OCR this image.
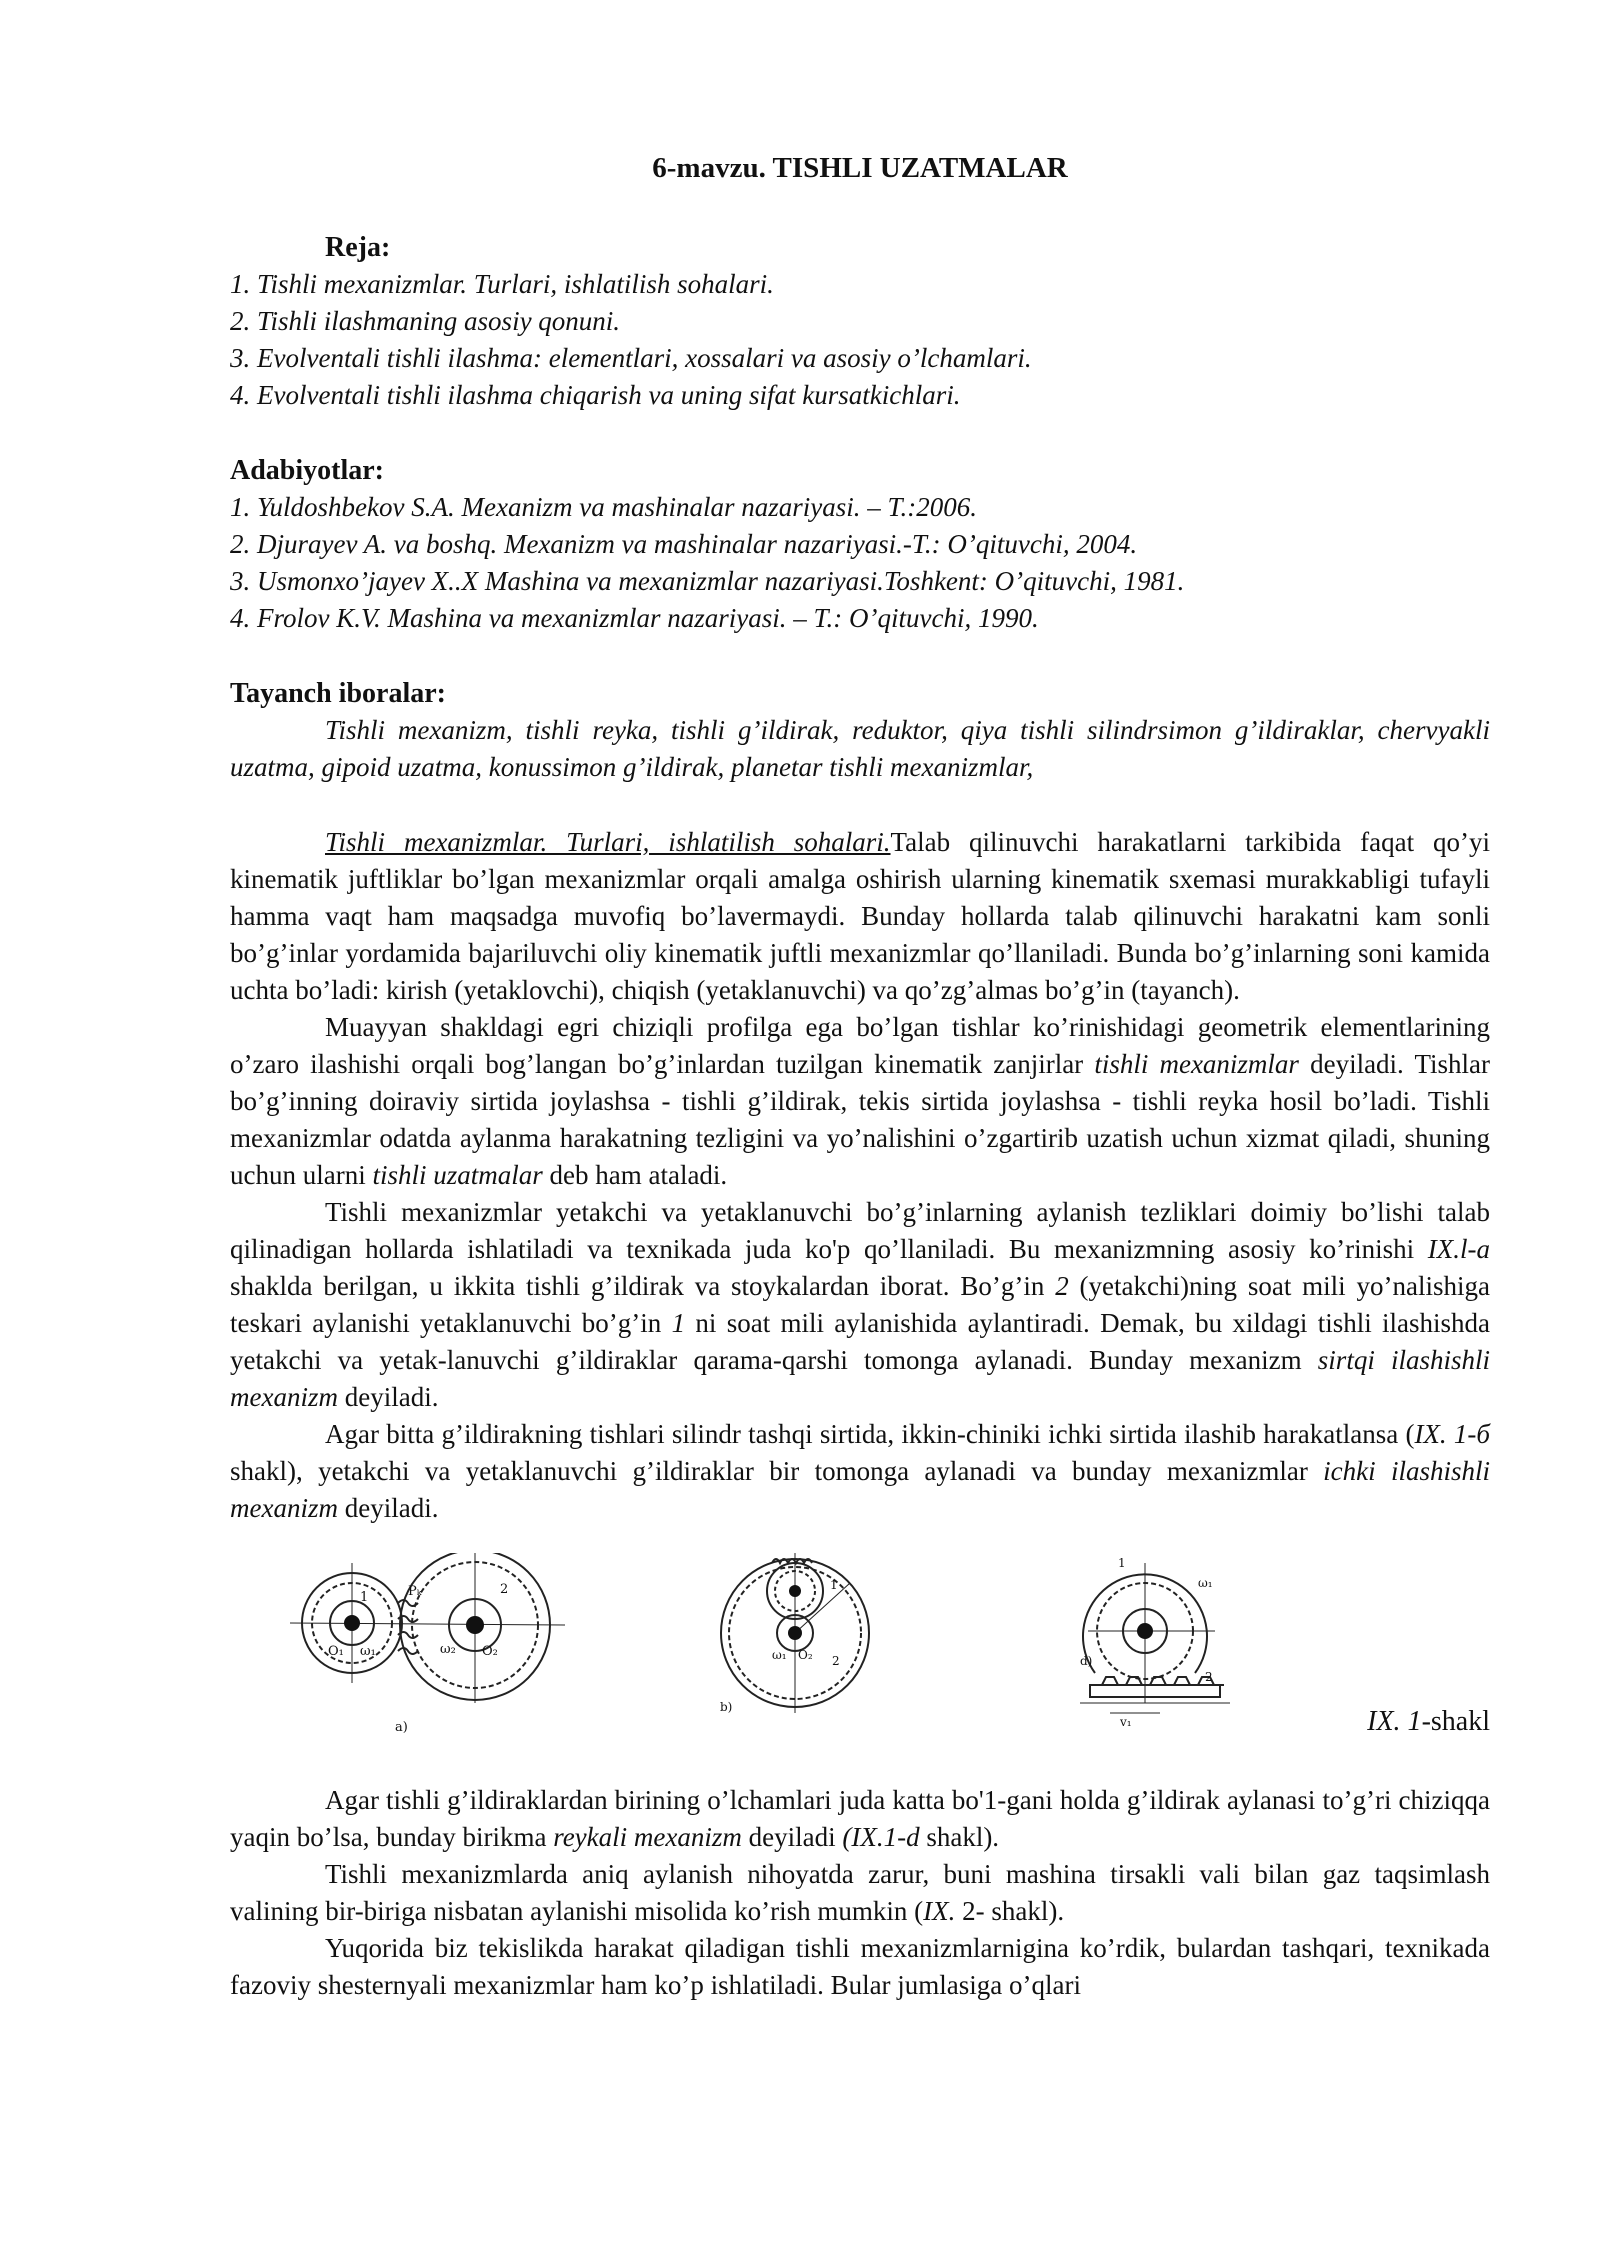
6-mavzu. TISHLI UZATMALAR
Reja:
1. Tishli mexanizmlar. Turlari, ishlatilish sohalari.
2. Tishli ilashmaning asosiy qonuni.
3. Evolventali tishli ilashma: elementlari, xossalari va asosiy o’lchamlari.
4. Evolventali tishli ilashma chiqarish va uning sifat kursatkichlari.
Adabiyotlar:
1. Yuldoshbekov S.A. Mexanizm va mashinalar nazariyasi. – T.:2006.
2. Djurayev A. va boshq. Mexanizm va mashinalar nazariyasi.-T.: O’qituvchi, 2004.
3. Usmonxo’jayev X..X Mashina va mexanizmlar nazariyasi.Toshkent: O’qituvchi, 1981.
4. Frolov K.V. Mashina va mexanizmlar nazariyasi. – T.: O’qituvchi, 1990.
Tayanch iboralar:

Tishli mexanizm, tishli reyka, tishli g’ildirak, reduktor, qiya tishli silindrsimon g’ildiraklar, chervyakli uzatma, gipoid uzatma, konussimon g’ildirak, planetar tishli mexanizmlar,

Tishli mexanizmlar. Turlari, ishlatilish sohalari.Talab qilinuvchi harakatlarni tarkibida faqat qo’yi kinematik juftliklar bo’lgan mexanizmlar orqali amalga oshirish ularning kinematik sxemasi murakkabligi tufayli hamma vaqt ham maqsadga muvofiq bo’lavermaydi. Bunday hollarda talab qilinuvchi harakatni kam sonli bo’g’inlar yordamida bajariluvchi oliy kinematik juftli mexanizmlar qo’llaniladi. Bunda bo’g’inlarning soni kamida uchta bo’ladi: kirish (yetaklovchi), chiqish (yetaklanuvchi) va qo’zg’almas bo’g’in (tayanch).

Muayyan shakldagi egri chiziqli profilga ega bo’lgan tishlar ko’rinishidagi geometrik elementlarining o’zaro ilashishi orqali bog’langan bo’g’inlardan tuzilgan kinematik zanjirlar tishli mexanizmlar deyiladi. Tishlar bo’g’inning doiraviy sirtida joylashsa - tishli g’ildirak, tekis sirtida joylashsa - tishli reyka hosil bo’ladi. Tishli mexanizmlar odatda aylanma harakatning tezligini va yo’nalishini o’zgartirib uzatish uchun xizmat qiladi, shuning uchun ularni tishli uzatmalar deb ham ataladi.

Tishli mexanizmlar yetakchi va yetaklanuvchi bo’g’inlarning aylanish tezliklari doimiy bo’lishi talab qilinadigan hollarda ishlatiladi va texnikada juda ko'p qo’llaniladi. Bu mexanizmning asosiy ko’rinishi IX.l-a shaklda berilgan, u ikkita tishli g’ildirak va stoykalardan iborat. Bo’g’in 2 (yetakchi)ning soat mili yo’nalishiga teskari aylanishi yetaklanuvchi bo’g’in 1 ni soat mili aylanishida aylantiradi. Demak, bu xildagi tishli ilashishda yetakchi va yetak-lanuvchi g’ildiraklar qarama-qarshi tomonga aylanadi. Bunday mexanizm sirtqi ilashishli mexanizm deyiladi.

Agar bitta g’ildirakning tishlari silindr tashqi sirtida, ikkin-chiniki ichki sirtida ilashib harakatlansa (IX. 1-б shakl), yetakchi va yetaklanuvchi g’ildiraklar bir tomonga aylanadi va bunday mexanizmlar ichki ilashishli mexanizm deyiladi.

O₁ ω₁	ω₂ O₂
1	Pₖ	2
a)
ω₁ O₂ 2
1
b)
1
ω₁
2
v₁
d)
IX. 1-shakl

Agar tishli g’ildiraklardan birining o’lchamlari juda katta bo'1-gani holda g’ildirak aylanasi to’g’ri chiziqqa yaqin bo’lsa, bunday birikma reykali mexanizm deyiladi (IX.1-d shakl).

Tishli mexanizmlarda aniq aylanish nihoyatda zarur, buni mashina tirsakli vali bilan gaz taqsimlash valining bir-biriga nisbatan aylanishi misolida ko’rish mumkin (IX. 2- shakl).

Yuqorida biz tekislikda harakat qiladigan tishli mexanizmlarnigina ko’rdik, bulardan tashqari, texnikada fazoviy shesternyali mexanizmlar ham ko’p ishlatiladi. Bular jumlasiga o’qlari
